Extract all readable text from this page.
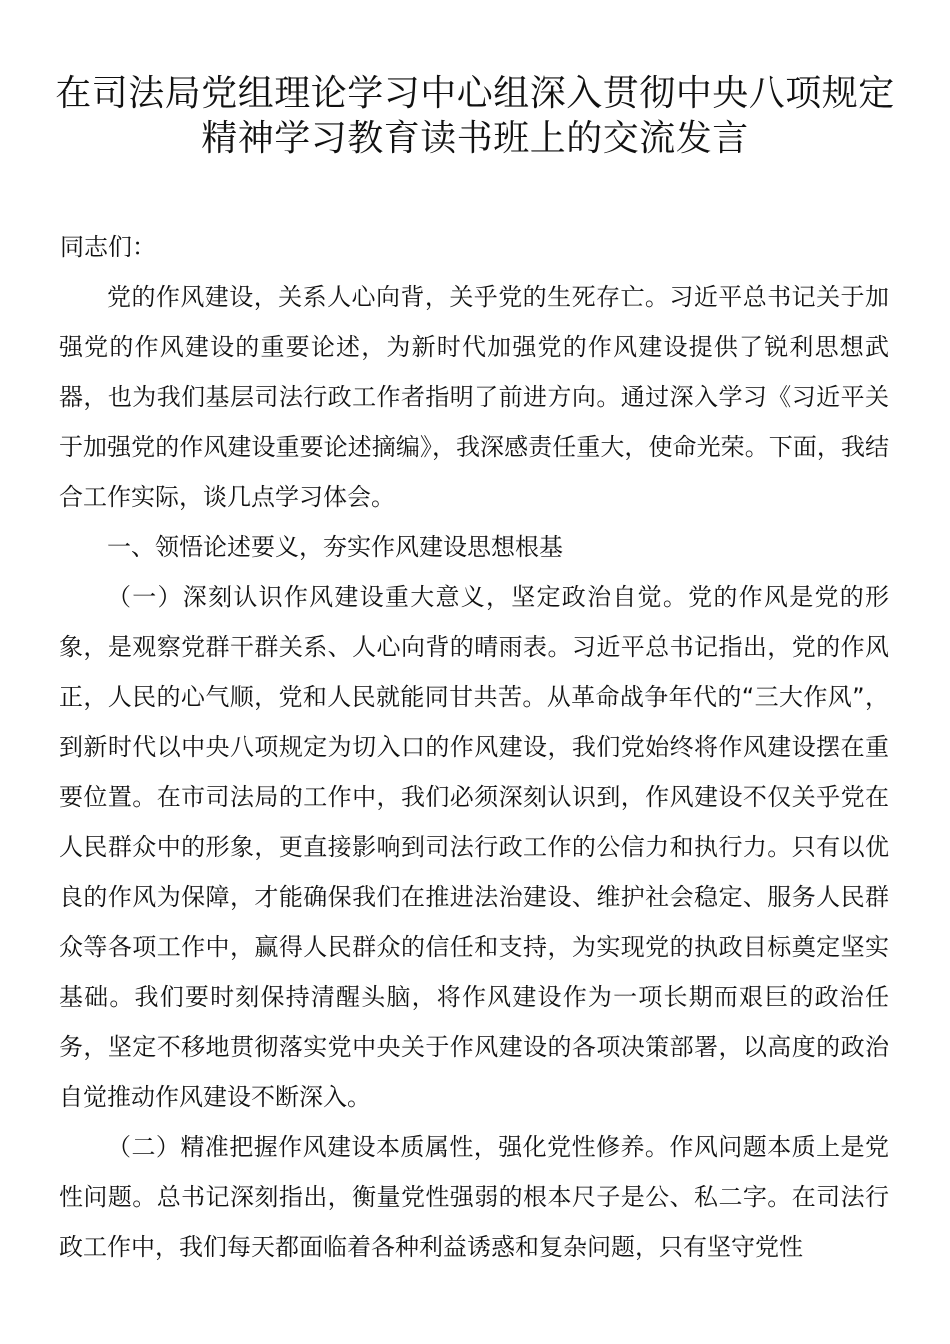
在司法局党组理论学习中心组深入贯彻中央八项规定
精神学习教育读书班上的交流发言

同志们：

党的作风建设，关系人心向背，关乎党的生死存亡。习近平总书记关于加强党的作风建设的重要论述，为新时代加强党的作风建设提供了锐利思想武器，也为我们基层司法行政工作者指明了前进方向。通过深入学习《习近平关于加强党的作风建设重要论述摘编》，我深感责任重大，使命光荣。下面，我结合工作实际，谈几点学习体会。

一、领悟论述要义，夯实作风建设思想根基

（一）深刻认识作风建设重大意义，坚定政治自觉。党的作风是党的形象，是观察党群干群关系、人心向背的晴雨表。习近平总书记指出，党的作风正，人民的心气顺，党和人民就能同甘共苦。从革命战争年代的“三大作风”，到新时代以中央八项规定为切入口的作风建设，我们党始终将作风建设摆在重要位置。在市司法局的工作中，我们必须深刻认识到，作风建设不仅关乎党在人民群众中的形象，更直接影响到司法行政工作的公信力和执行力。只有以优良的作风为保障，才能确保我们在推进法治建设、维护社会稳定、服务人民群众等各项工作中，赢得人民群众的信任和支持，为实现党的执政目标奠定坚实基础。我们要时刻保持清醒头脑，将作风建设作为一项长期而艰巨的政治任务，坚定不移地贯彻落实党中央关于作风建设的各项决策部署，以高度的政治自觉推动作风建设不断深入。

（二）精准把握作风建设本质属性，强化党性修养。作风问题本质上是党性问题。总书记深刻指出，衡量党性强弱的根本尺子是公、私二字。在司法行政工作中，我们每天都面临着各种利益诱惑和复杂问题，只有坚守党性
